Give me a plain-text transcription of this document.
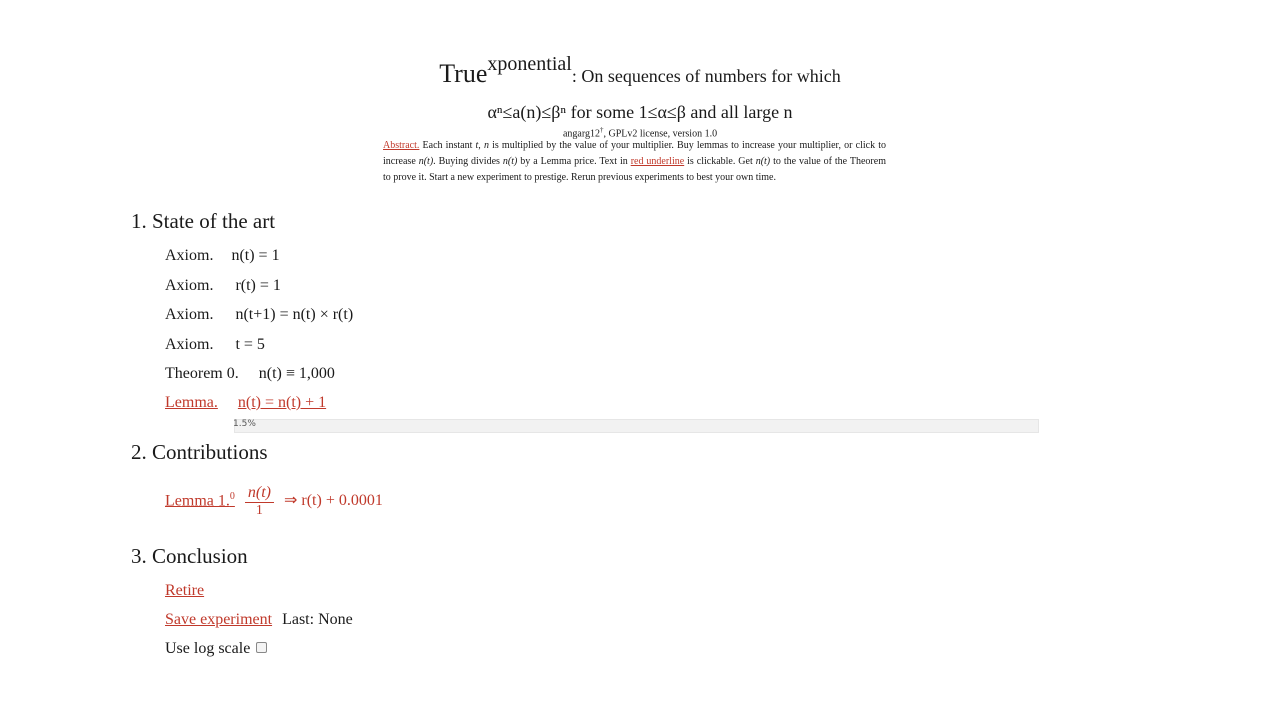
True$^{xponential}$: On sequences of numbers for which
αⁿ≤a(n)≤βⁿ for some 1≤α≤β and all large n
angarg12†, GPLv2 license, version 1.0
Abstract. Each instant t, n is multiplied by the value of your multiplier. Buy lemmas to increase your multiplier, or click to increase n(t). Buying divides n(t) by a Lemma price. Text in red underline is clickable. Get n(t) to the value of the Theorem to prove it. Start a new experiment to prestige. Rerun previous experiments to best your own time.
1. State of the art
Axiom. n(t) = 1
Axiom. r(t) = 1
Axiom. n(t+1) = n(t) × r(t)
Axiom. t = 5
Theorem 0. n(t) ≡ 1,000
Lemma. n(t) = n(t) + 1
1.5%
2. Contributions
Lemma $1.^0 \frac{n(t)}{1}$ ⇒ r(t) + 0.0001
3. Conclusion
Retire
Save experiment Last: None
Use log scale
